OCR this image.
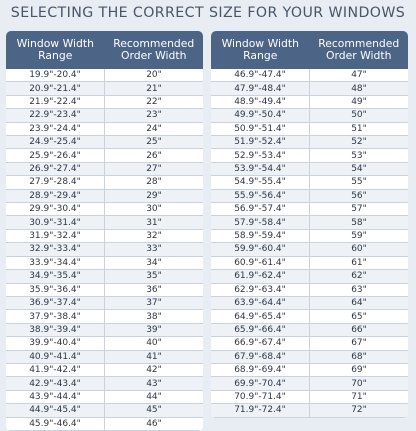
SELECTING THE CORRECT SIZE FOR YOUR WINDOWS
Window Width Range	Recommended Order Width
19.9"-20.4"	20"
20.9"-21.4"	21"
21.9"-22.4"	22"
22.9"-23.4"	23"
23.9"-24.4"	24"
24.9"-25.4"	25"
25.9"-26.4"	26"
26.9"-27.4"	27"
27.9"-28.4"	28"
28.9"-29.4"	29"
29.9"-30.4"	30"
30.9"-31.4"	31"
31.9"-32.4"	32"
32.9"-33.4"	33"
33.9"-34.4"	34"
34.9"-35.4"	35"
35.9"-36.4"	36"
36.9"-37.4"	37"
37.9"-38.4"	38"
38.9"-39.4"	39"
39.9"-40.4"	40"
40.9"-41.4"	41"
41.9"-42.4"	42"
42.9"-43.4"	43"
43.9"-44.4"	44"
44.9"-45.4"	45"
45.9"-46.4"	46"
Window Width Range	Recommended Order Width
46.9"-47.4"	47"
47.9"-48.4"	48"
48.9"-49.4"	49"
49.9"-50.4"	50"
50.9"-51.4"	51"
51.9"-52.4"	52"
52.9"-53.4"	53"
53.9"-54.4"	54"
54.9"-55.4"	55"
55.9"-56.4"	56"
56.9"-57.4"	57"
57.9"-58.4"	58"
58.9"-59.4"	59"
59.9"-60.4"	60"
60.9"-61.4"	61"
61.9"-62.4"	62"
62.9"-63.4"	63"
63.9"-64.4"	64"
64.9"-65.4"	65"
65.9"-66.4"	66"
66.9"-67.4"	67"
67.9"-68.4"	68"
68.9"-69.4"	69"
69.9"-70.4"	70"
70.9"-71.4"	71"
71.9"-72.4"	72"
